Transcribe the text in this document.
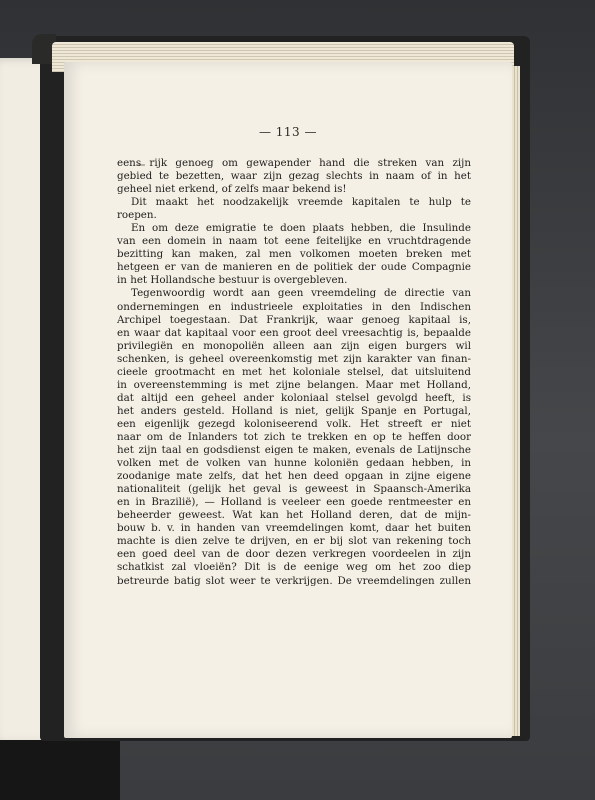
— 113 —
eens rijk genoeg om gewapender hand die streken van zijn
gebied te bezetten, waar zijn gezag slechts in naam of in het
geheel niet erkend, of zelfs maar bekend is!
Dit maakt het noodzakelijk vreemde kapitalen te hulp te
roepen.
En om deze emigratie te doen plaats hebben, die Insulinde
van een domein in naam tot eene feitelijke en vruchtdragende
bezitting kan maken, zal men volkomen moeten breken met
hetgeen er van de manieren en de politiek der oude Compagnie
in het Hollandsche bestuur is overgebleven.
Tegenwoordig wordt aan geen vreemdeling de directie van
ondernemingen en industrieele exploitaties in den Indischen
Archipel toegestaan. Dat Frankrijk, waar genoeg kapitaal is,
en waar dat kapitaal voor een groot deel vreesachtig is, bepaalde
privilegiën en monopoliën alleen aan zijn eigen burgers wil
schenken, is geheel overeenkomstig met zijn karakter van finan-
cieele grootmacht en met het koloniale stelsel, dat uitsluitend
in overeenstemming is met zijne belangen. Maar met Holland,
dat altijd een geheel ander koloniaal stelsel gevolgd heeft, is
het anders gesteld. Holland is niet, gelijk Spanje en Portugal,
een eigenlijk gezegd koloniseerend volk. Het streeft er niet
naar om de Inlanders tot zich te trekken en op te heffen door
het zijn taal en godsdienst eigen te maken, evenals de Latijnsche
volken met de volken van hunne koloniën gedaan hebben, in
zoodanige mate zelfs, dat het hen deed opgaan in zijne eigene
nationaliteit (gelijk het geval is geweest in Spaansch-Amerika
en in Brazilië), — Holland is veeleer een goede rentmeester en
beheerder geweest. Wat kan het Holland deren, dat de mijn-
bouw b. v. in handen van vreemdelingen komt, daar het buiten
machte is dien zelve te drijven, en er bij slot van rekening toch
een goed deel van de door dezen verkregen voordeelen in zijn
schatkist zal vloeiën? Dit is de eenige weg om het zoo diep
betreurde batig slot weer te verkrijgen. De vreemdelingen zullen
